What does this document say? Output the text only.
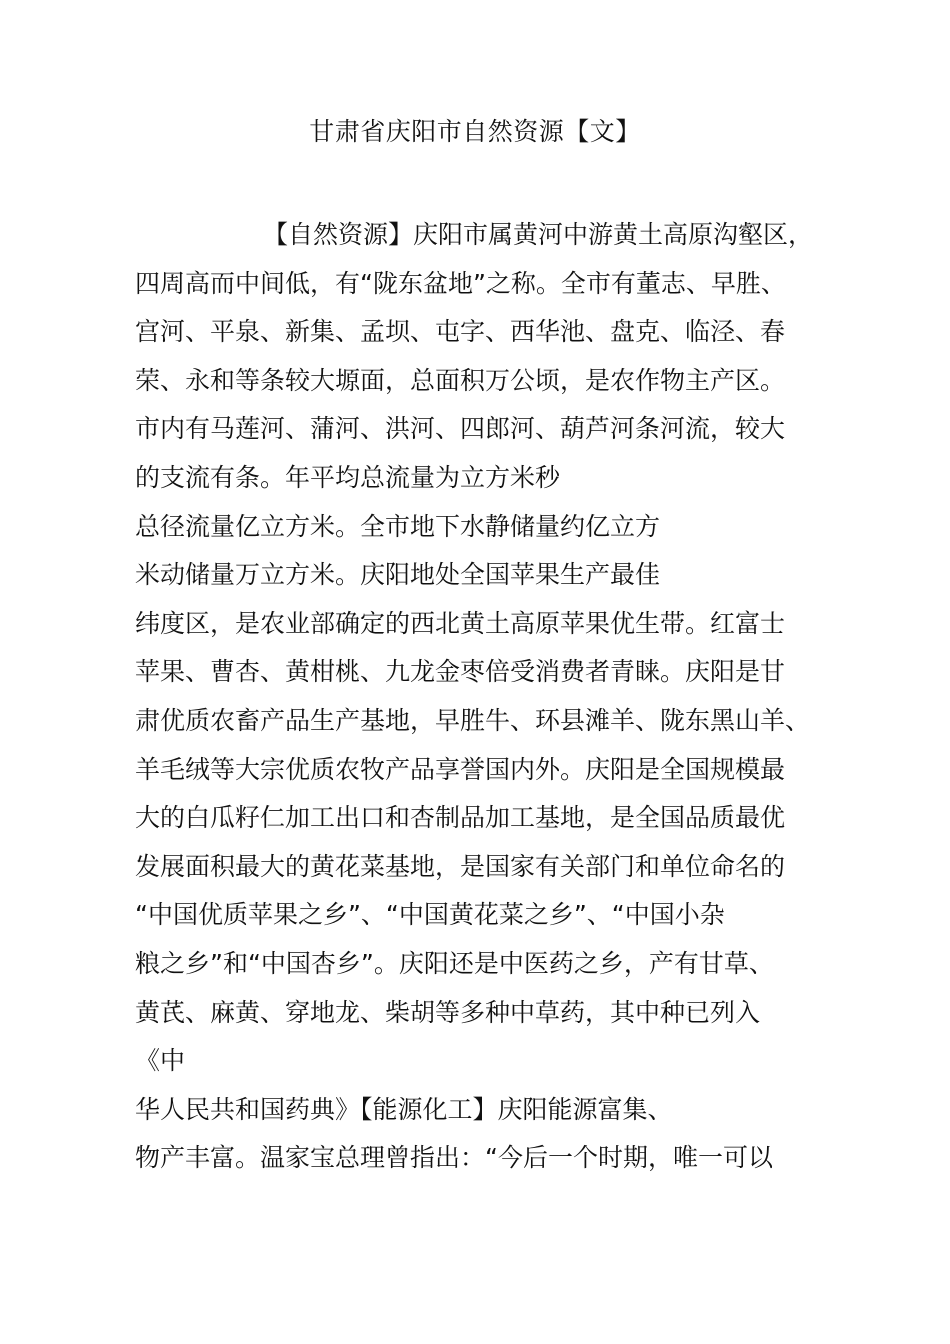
甘肃省庆阳市自然资源【文】
【自然资源】庆阳市属黄河中游黄土高原沟壑区，
四周高而中间低，有“陇东盆地”之称。全市有董志、早胜、
宫河、平泉、新集、孟坝、屯字、西华池、盘克、临泾、春
荣、永和等条较大塬面，总面积万公顷，是农作物主产区。
市内有马莲河、蒲河、洪河、四郎河、葫芦河条河流，较大
的支流有条。年平均总流量为立方米秒
总径流量亿立方米。全市地下水静储量约亿立方
米动储量万立方米。庆阳地处全国苹果生产最佳
纬度区，是农业部确定的西北黄土高原苹果优生带。红富士
苹果、曹杏、黄柑桃、九龙金枣倍受消费者青睐。庆阳是甘
肃优质农畜产品生产基地，早胜牛、环县滩羊、陇东黑山羊、
羊毛绒等大宗优质农牧产品享誉国内外。庆阳是全国规模最
大的白瓜籽仁加工出口和杏制品加工基地，是全国品质最优
发展面积最大的黄花菜基地，是国家有关部门和单位命名的
“中国优质苹果之乡”、“中国黄花菜之乡”、“中国小杂
粮之乡”和“中国杏乡”。庆阳还是中医药之乡，产有甘草、
黄芪、麻黄、穿地龙、柴胡等多种中草药，其中种已列入
《中
华人民共和国药典》【能源化工】庆阳能源富集、
物产丰富。温家宝总理曾指出：“今后一个时期，唯一可以
